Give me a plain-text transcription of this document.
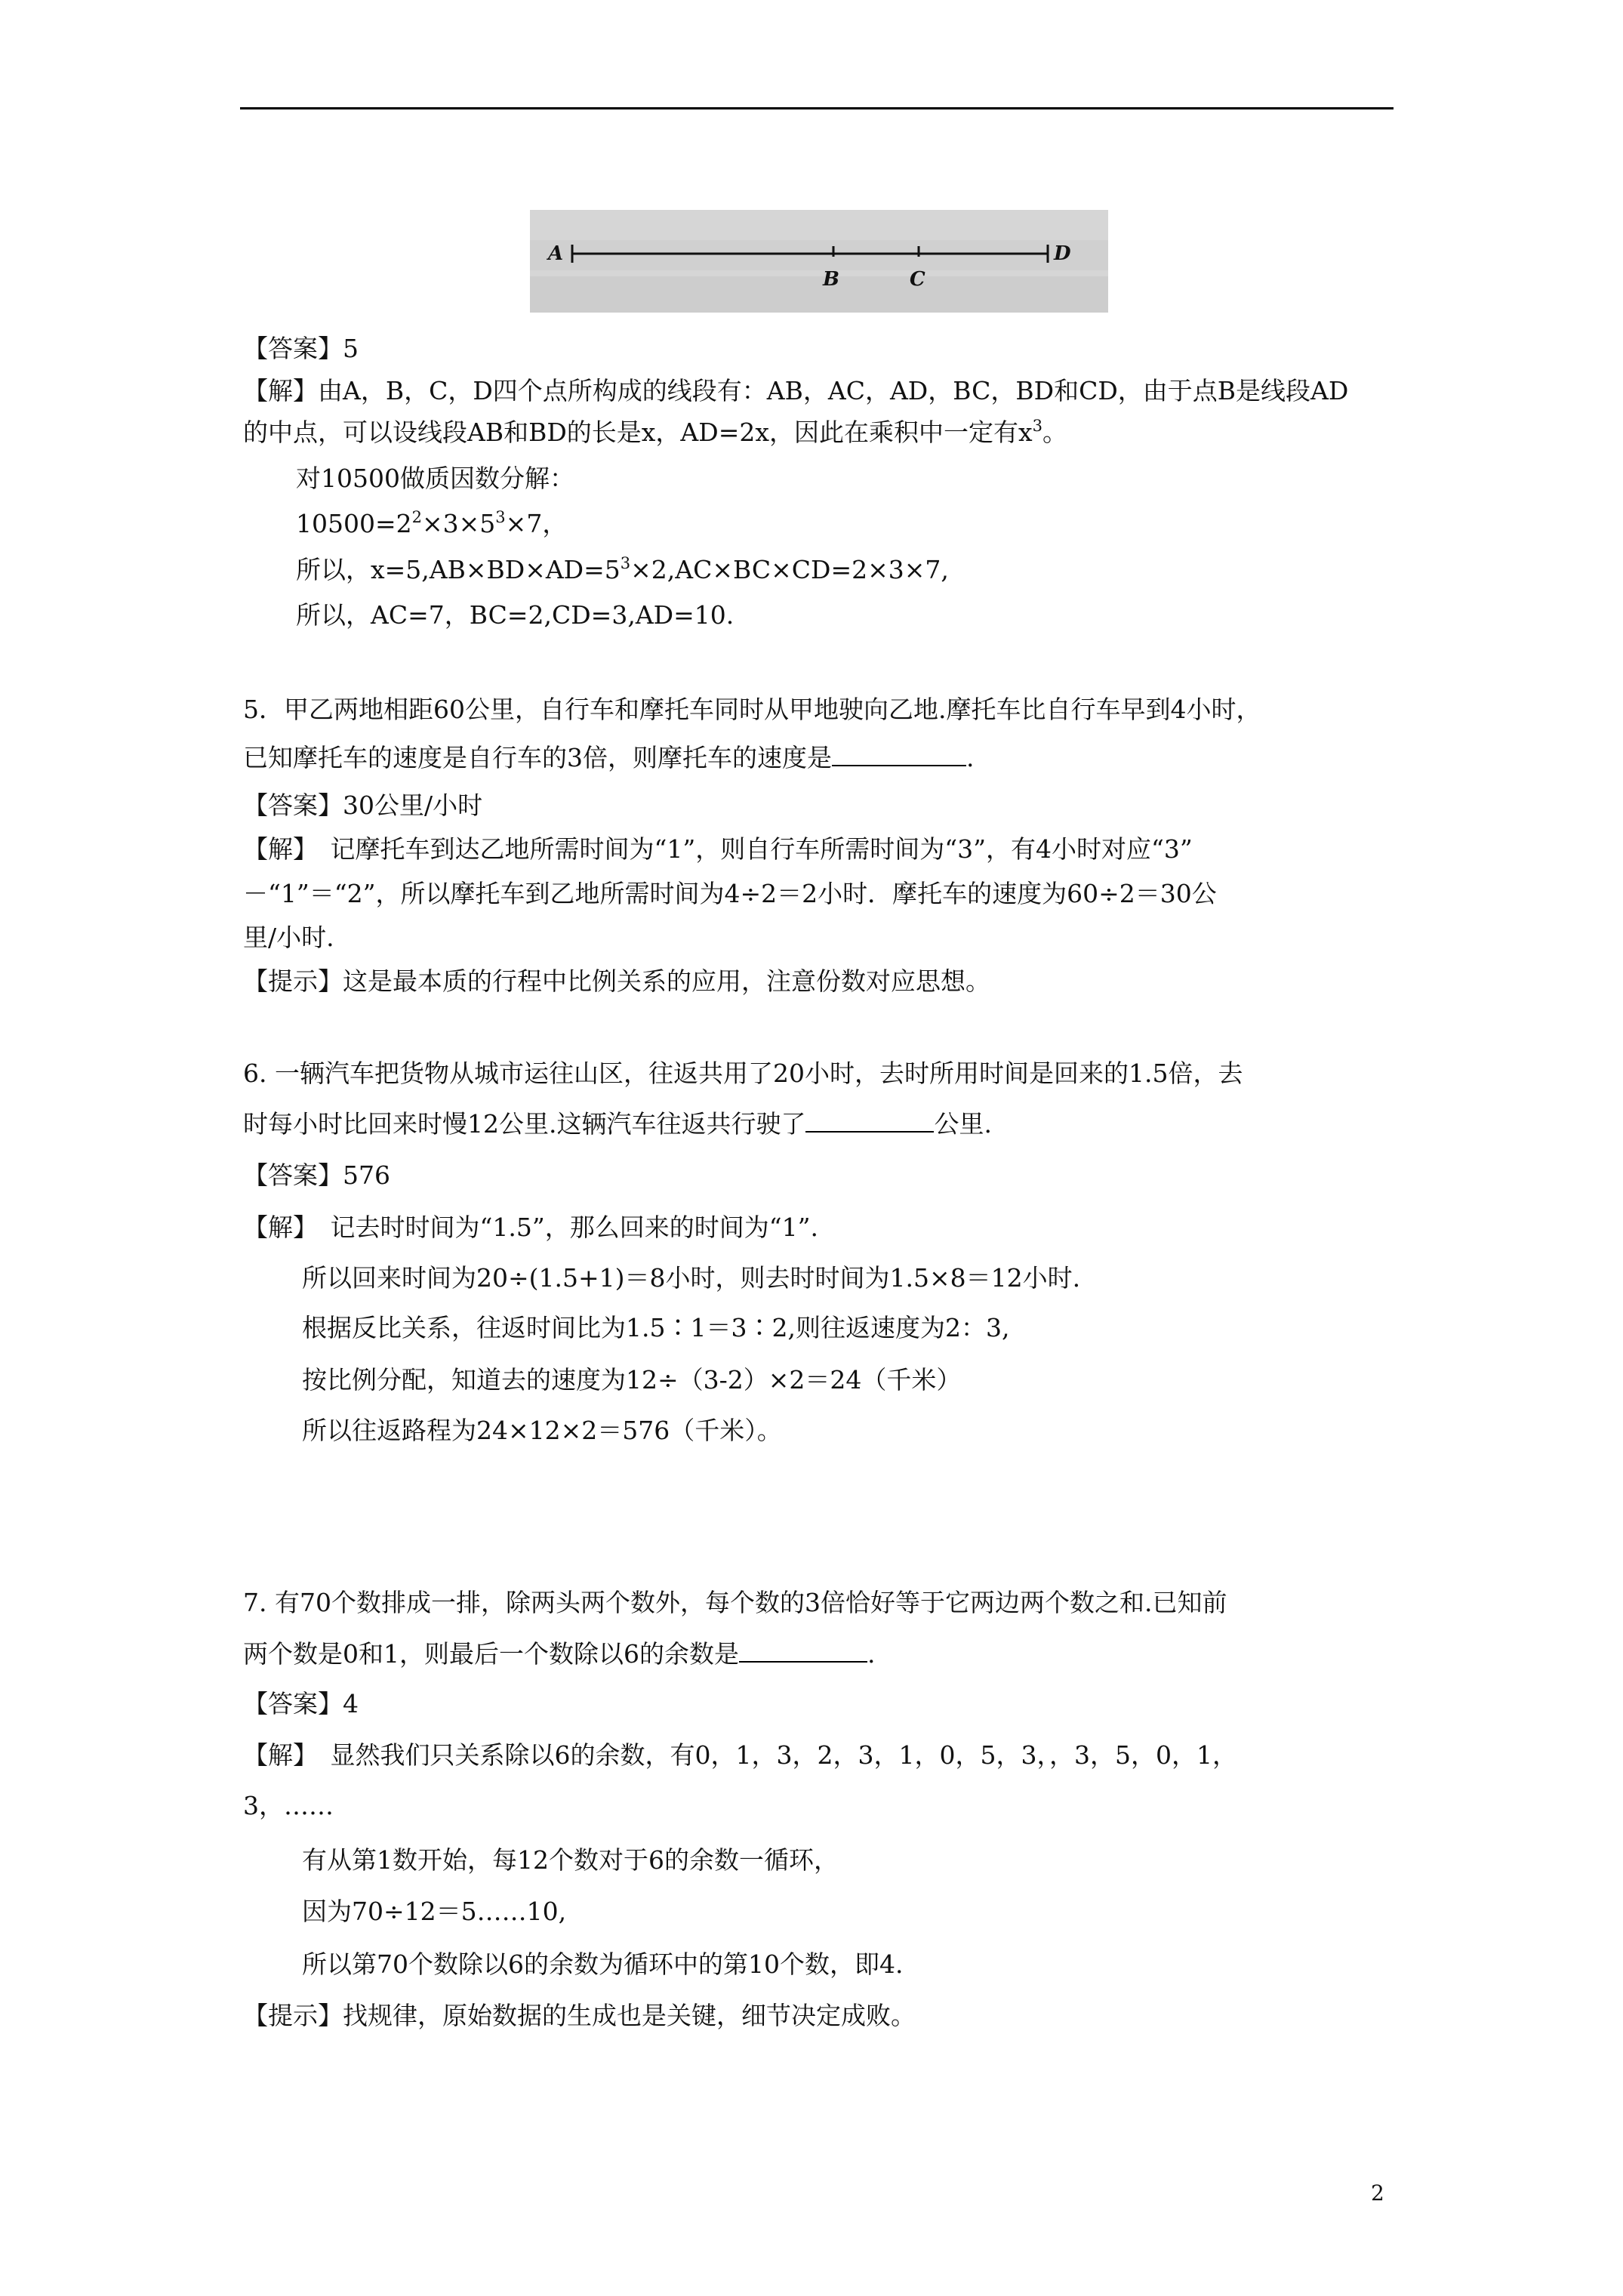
A
B	C
D
【答案】5
【解】由A，B，C，D四个点所构成的线段有：AB，AC，AD，BC，BD和CD，由于点B是线段AD
的中点，可以设线段AB和BD的长是x，AD=2x，因此在乘积中一定有$x^3$。
对10500做质因数分解：
$10500=2^2\times 3\times 5^3\times 7$，
所以，$x=5,AB\times BD\times AD=5^3\times 2,AC\times BC\times CD=2\times 3\times 7$,
所以，AC=7，BC=2,CD=3,AD=10.
5．甲乙两地相距60公里，自行车和摩托车同时从甲地驶向乙地.摩托车比自行车早到4小时，
已知摩托车的速度是自行车的3倍，则摩托车的速度是	.
【答案】30公里/小时
【解】　记摩托车到达乙地所需时间为“1”，则自行车所需时间为“3”，有4小时对应“3”
－“1”＝“2”，所以摩托车到乙地所需时间为4÷2＝2小时．摩托车的速度为60÷2＝30公
里/小时.
【提示】这是最本质的行程中比例关系的应用，注意份数对应思想。
6. 一辆汽车把货物从城市运往山区，往返共用了20小时，去时所用时间是回来的1.5倍，去
时每小时比回来时慢12公里.这辆汽车往返共行驶了	公里.
【答案】576
【解】　记去时时间为“1.5”，那么回来的时间为“1”.
所以回来时间为20÷(1.5+1)＝8小时，则去时时间为1.5×8＝12小时.
根据反比关系，往返时间比为1.5∶1＝3∶2,则往返速度为2：3,
按比例分配，知道去的速度为12÷（3-2）×2＝24（千米）
所以往返路程为24×12×2＝576（千米）。
7. 有70个数排成一排，除两头两个数外，每个数的3倍恰好等于它两边两个数之和.已知前
两个数是0和1，则最后一个数除以6的余数是	.
【答案】4
【解】　显然我们只关系除以6的余数，有0，1，3，2，3，1，0，5，3，，3，5，0，1，
3，……
有从第1数开始，每12个数对于6的余数一循环，
因为70÷12＝5……10,
所以第70个数除以6的余数为循环中的第10个数，即4.
【提示】找规律，原始数据的生成也是关键，细节决定成败。
2
